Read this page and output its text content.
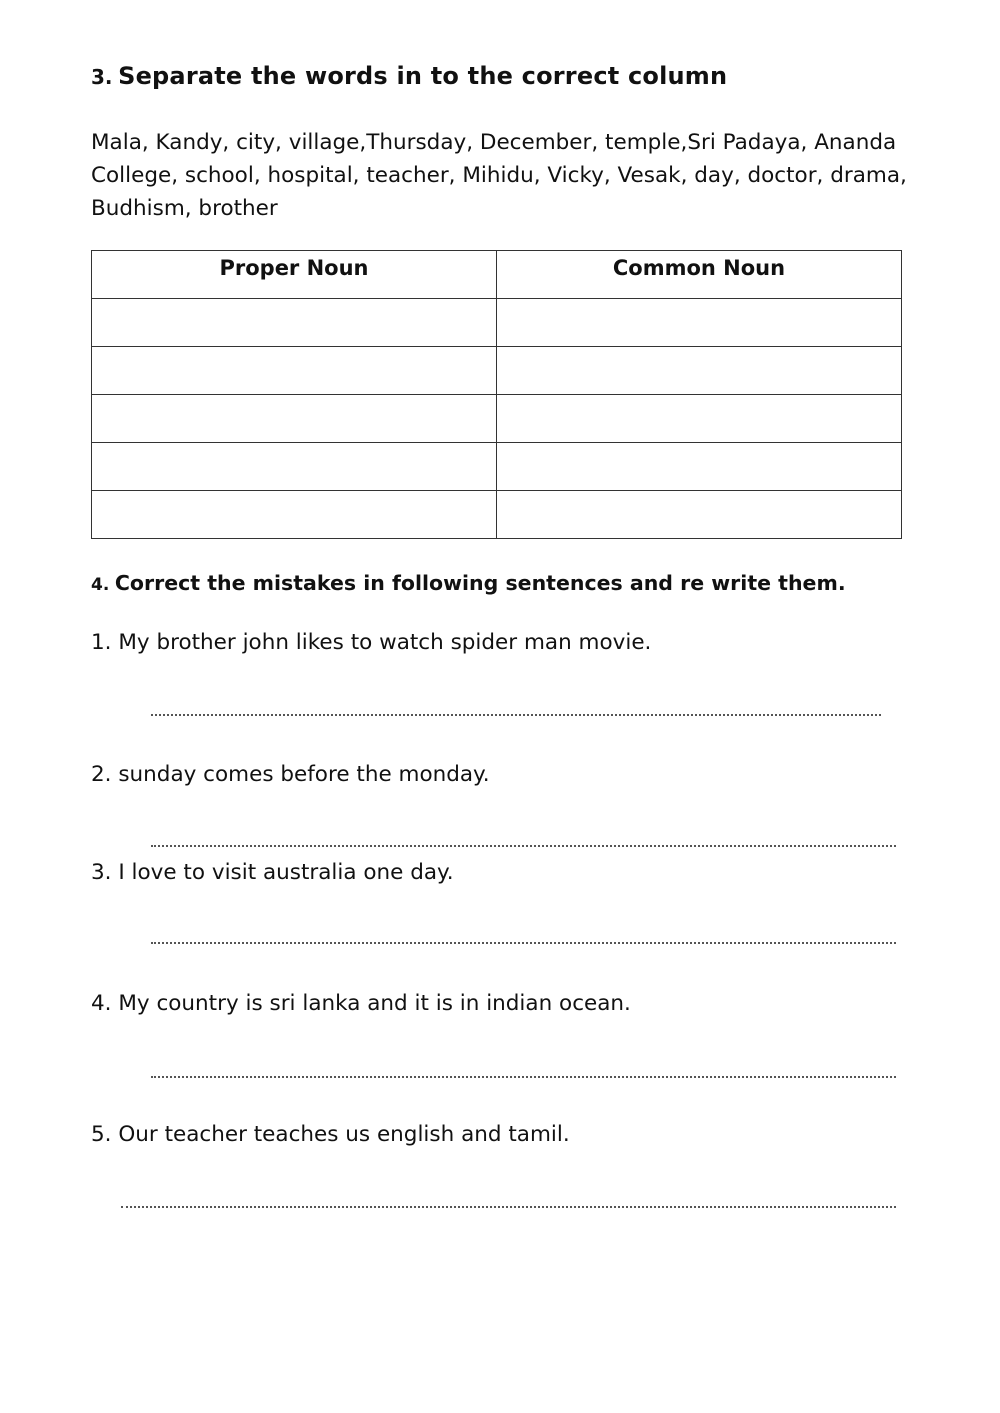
3. Separate the words in to the correct column
Mala, Kandy, city, village,Thursday, December, temple,Sri Padaya, Ananda College, school, hospital, teacher, Mihidu, Vicky, Vesak, day, doctor, drama, Budhism, brother
Proper Noun	Common Noun

4. Correct the mistakes in following sentences and re write them.
1. My brother john likes to watch spider man movie.
2. sunday comes before the monday.
3. I love to visit australia one day.
4. My country is sri lanka and it is in indian ocean.
5. Our teacher teaches us english and tamil.
